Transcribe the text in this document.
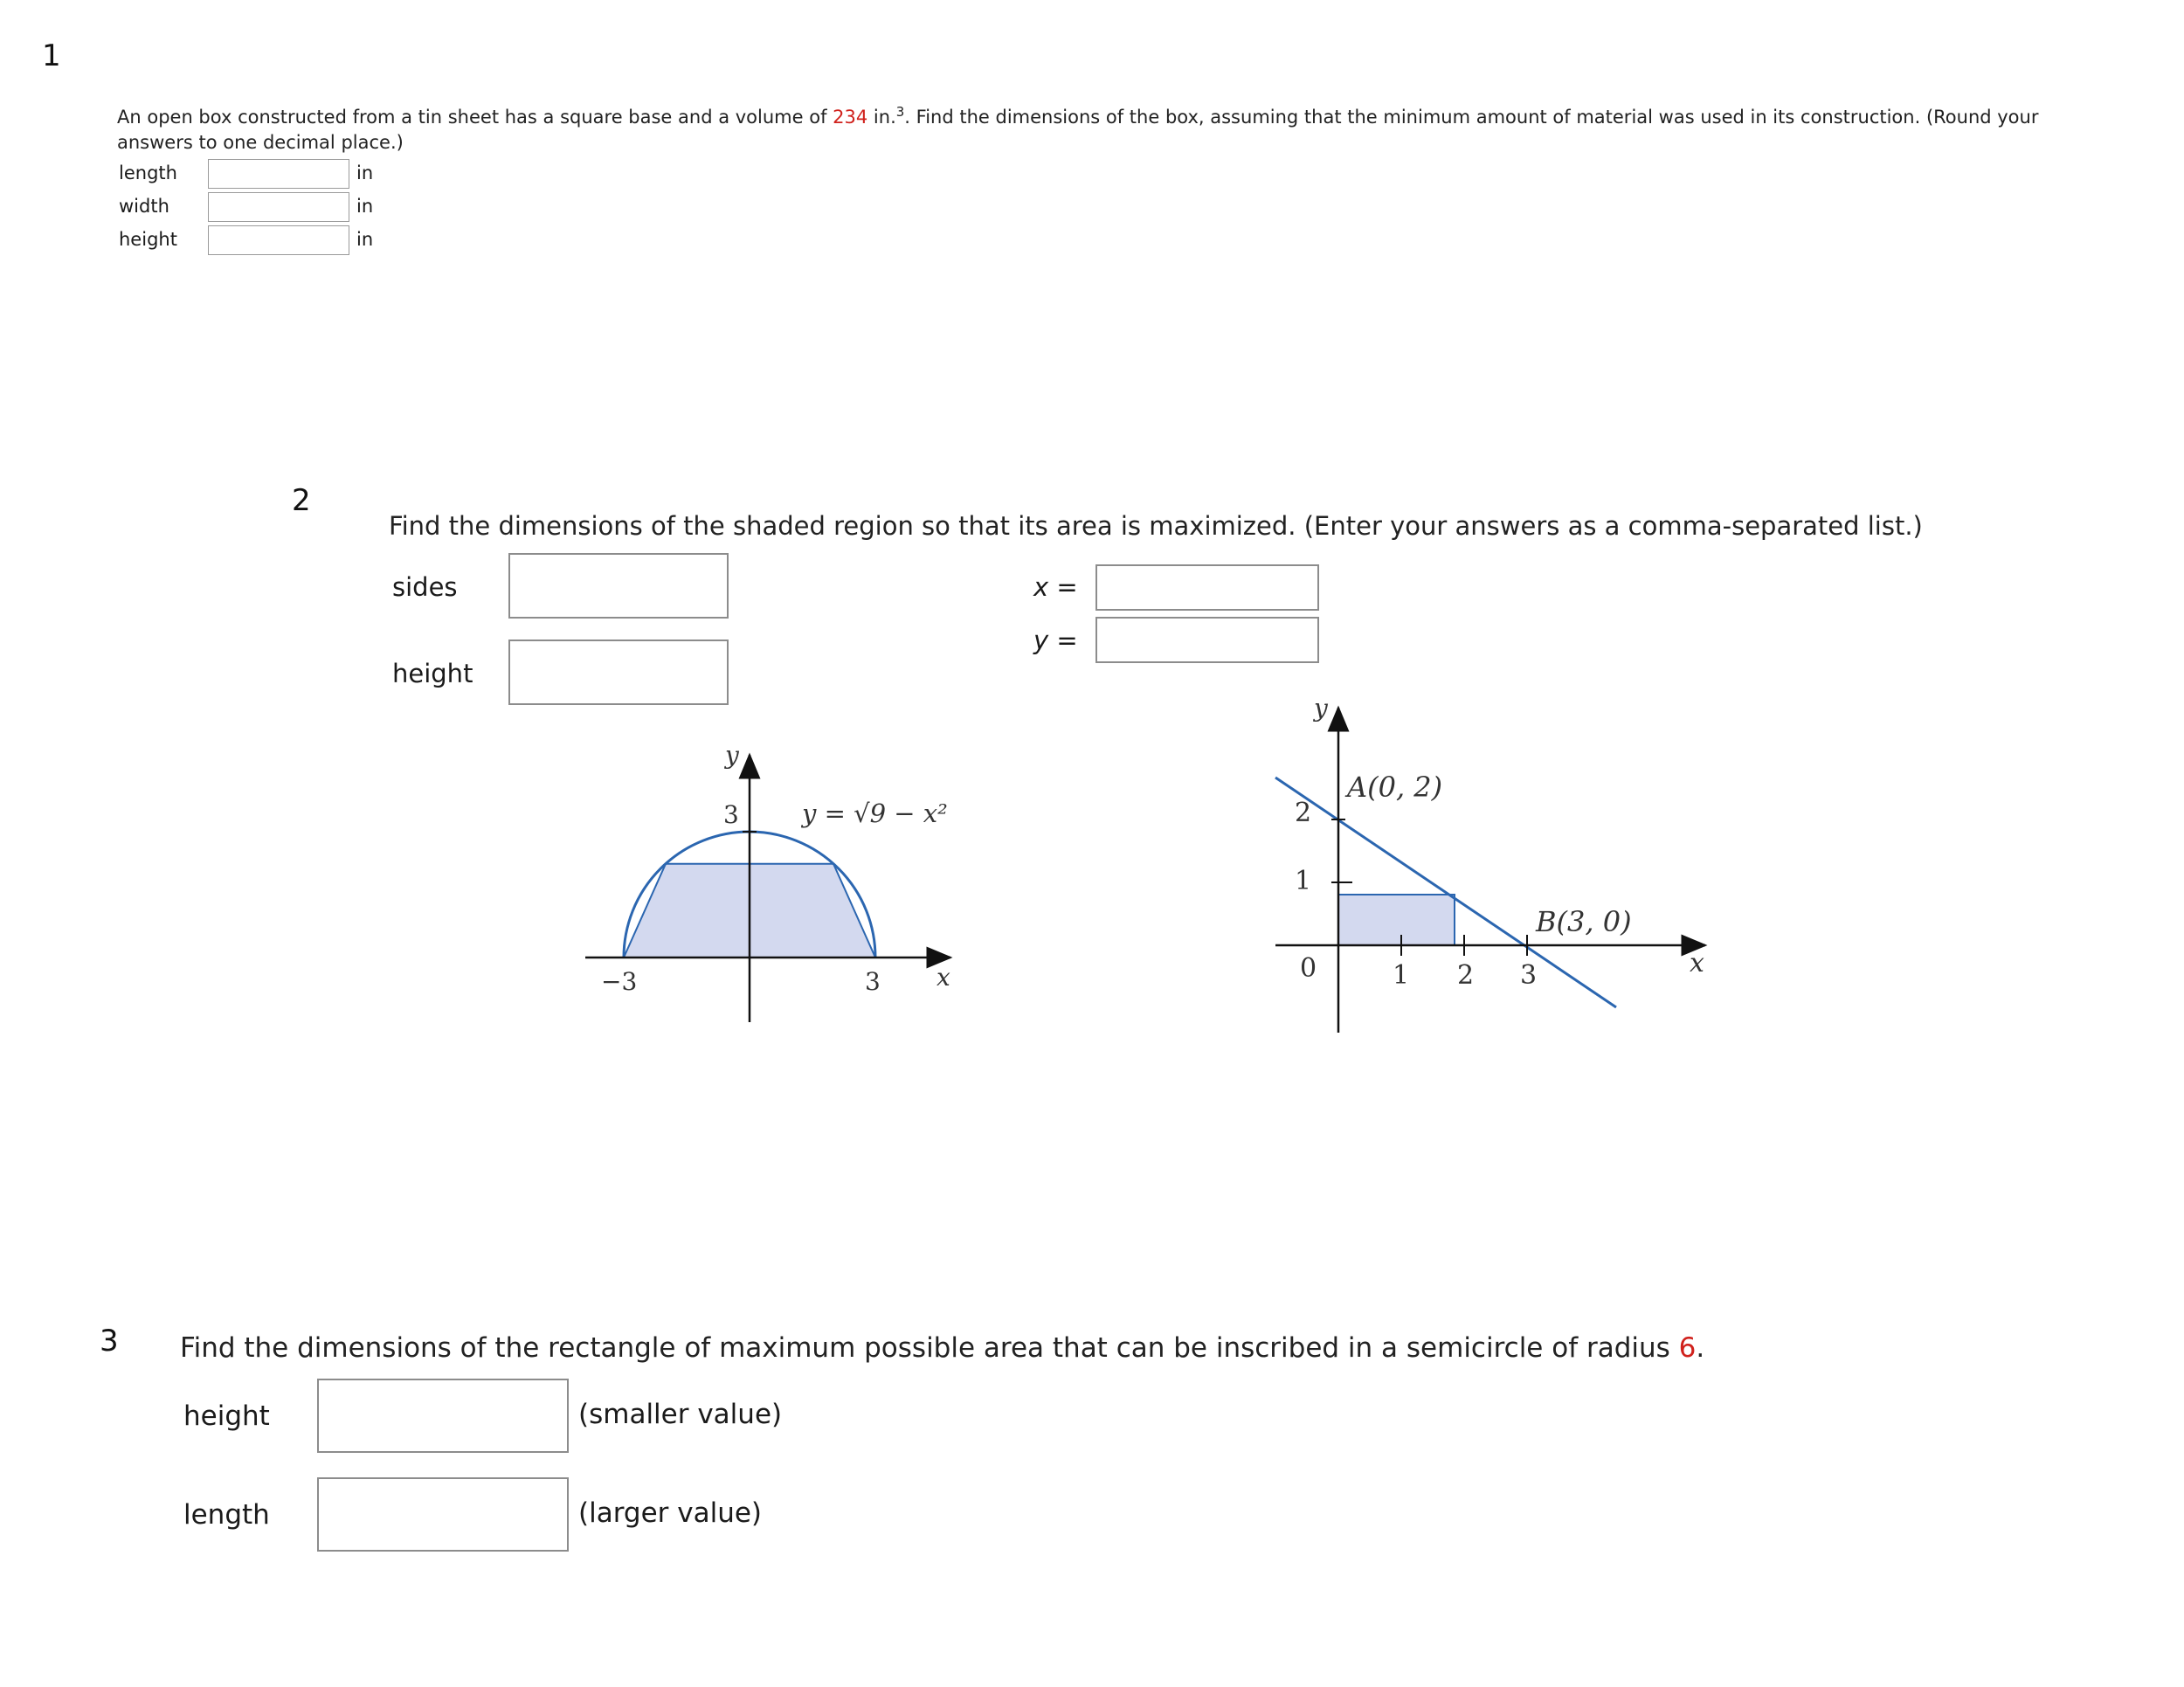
1
An open box constructed from a tin sheet has a square base and a volume of 234 in.$^3$. Find the dimensions of the box, assuming that the minimum amount of material was used in its construction. (Round your
answers to one decimal place.)
length	in
width	in
height	in
2
Find the dimensions of the shaded region so that its area is maximized. (Enter your answers as a comma-separated list.)
sides
height
x =
y =
y
3 y = √9 − x²
−3	3 x
y
A(0, 2)
2
1
B(3, 0)
0	1 2 3	x
3 Find the dimensions of the rectangle of maximum possible area that can be inscribed in a semicircle of radius 6.
height	(smaller value)
length	(larger value)
